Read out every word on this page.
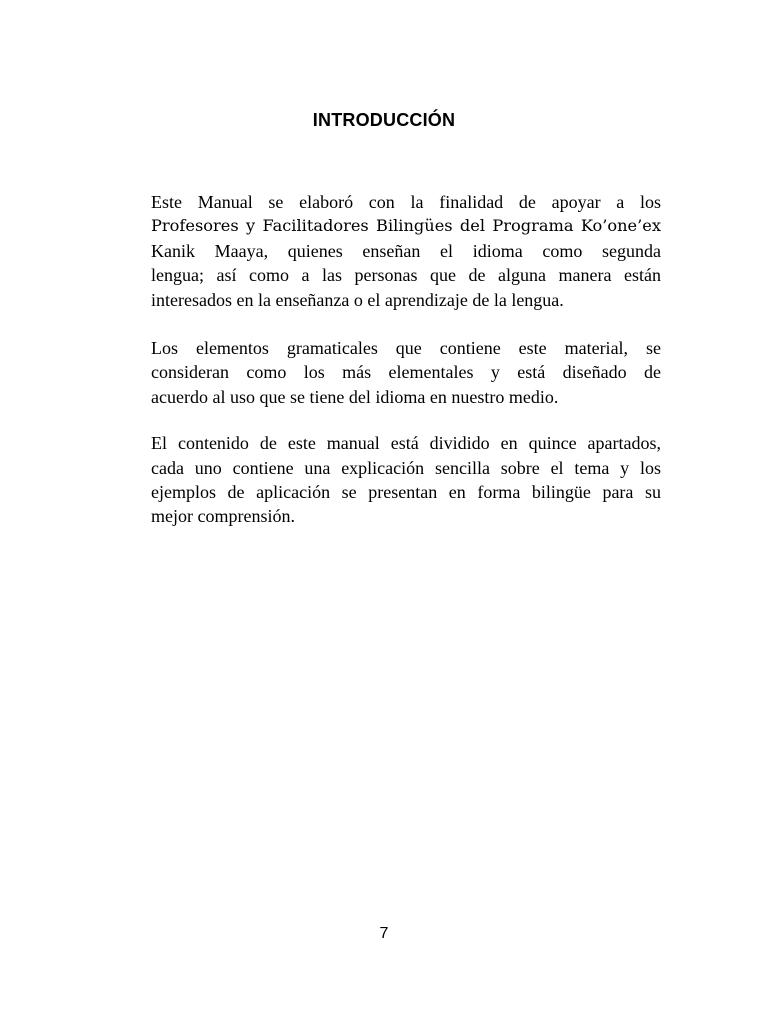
INTRODUCCIÓN

Este Manual se elaboró con la finalidad de apoyar a los
Profesores y Facilitadores Bilingües del Programa Ko’one’ex
Kanik Maaya, quienes enseñan el idioma como segunda
lengua; así como a las personas que de alguna manera están
interesados en la enseñanza o el aprendizaje de la lengua.

Los elementos gramaticales que contiene este material, se
consideran como los más elementales y está diseñado de
acuerdo al uso que se tiene del idioma en nuestro medio.

El contenido de este manual está dividido en quince apartados,
cada uno contiene una explicación sencilla sobre el tema y los
ejemplos de aplicación se presentan en forma bilingüe para su
mejor comprensión.

7
